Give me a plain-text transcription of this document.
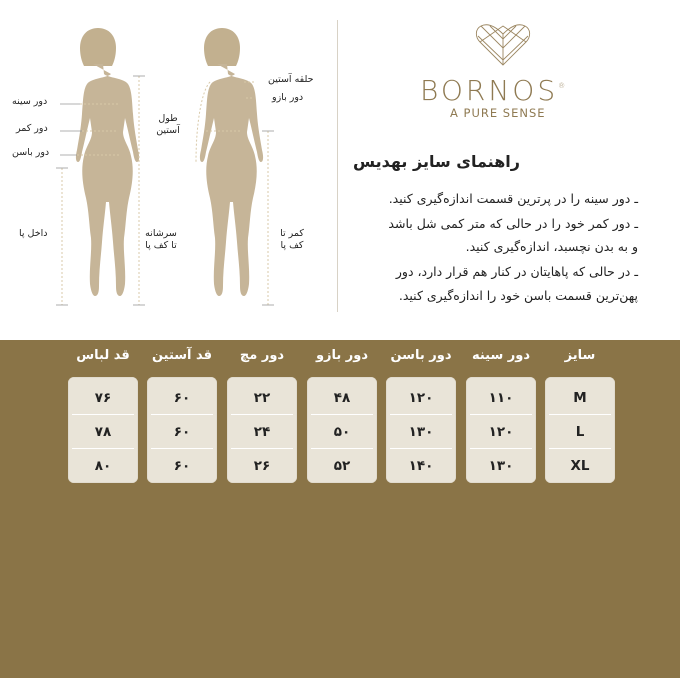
دور سینه
دور کمر
دور باسن
داخل پا	سرشانه
تا کف پا
طول
آستین
حلقه آستین
دور بازو
کمر تا
کف پا
BORNOS®
A PURE SENSE
راهنمای سایز بهدیس
ـ دور سینه را در پرترین قسمت اندازه‌گیری کنید.
ـ دور کمر خود را در حالی که متر کمی شل باشد
و به بدن نچسبد، اندازه‌گیری کنید.
ـ در حالی که پاهایتان در کنار هم قرار دارد، دور
پهن‌ترین قسمت باسن خود را اندازه‌گیری کنید.
سایز
M
L
XL
دور سینه
۱۱۰
۱۲۰
۱۳۰
دور باسن
۱۲۰
۱۳۰
۱۴۰
دور بازو
۴۸
۵۰
۵۲
دور مچ
۲۲
۲۴
۲۶
قد آستین
۶۰
۶۰
۶۰
قد لباس
۷۶
۷۸
۸۰
